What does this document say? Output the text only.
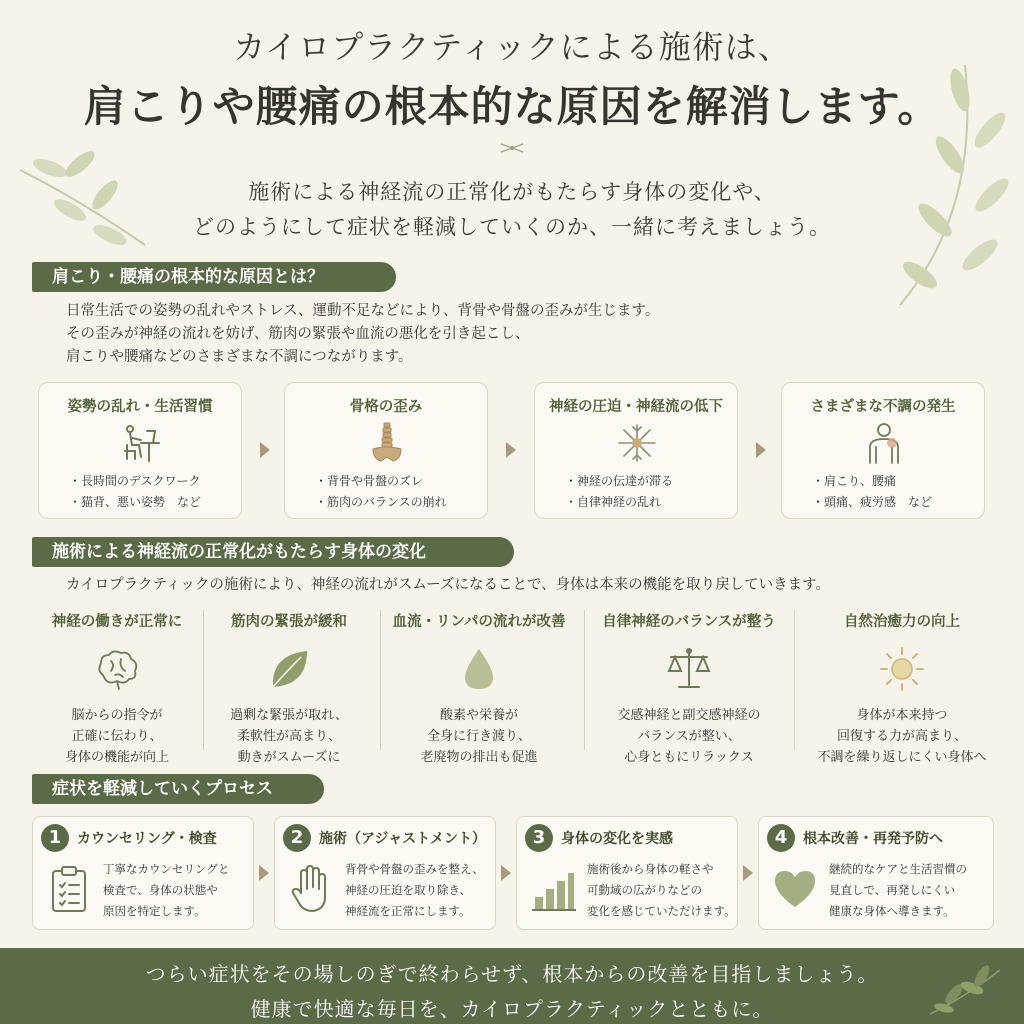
カイロプラクティックによる施術は、
肩こりや腰痛の根本的な原因を解消します。
施術による神経流の正常化がもたらす身体の変化や、
どのようにして症状を軽減していくのか、一緒に考えましょう。
肩こり・腰痛の根本的な原因とは？
日常生活での姿勢の乱れやストレス、運動不足などにより、背骨や骨盤の歪みが生じます。
その歪みが神経の流れを妨げ、筋肉の緊張や血流の悪化を引き起こし、
肩こりや腰痛などのさまざまな不調につながります。
姿勢の乱れ・生活習慣
・長時間のデスクワーク
・猫背、悪い姿勢　など
骨格の歪み
・背骨や骨盤のズレ
・筋肉のバランスの崩れ
神経の圧迫・神経流の低下
・神経の伝達が滞る
・自律神経の乱れ
さまざまな不調の発生
・肩こり、腰痛
・頭痛、疲労感　など
施術による神経流の正常化がもたらす身体の変化
カイロプラクティックの施術により、神経の流れがスムーズになることで、身体は本来の機能を取り戻していきます。
神経の働きが正常に
脳からの指令が
正確に伝わり、
身体の機能が向上
筋肉の緊張が緩和
過剰な緊張が取れ、
柔軟性が高まり、
動きがスムーズに
血流・リンパの流れが改善
酸素や栄養が
全身に行き渡り、
老廃物の排出も促進
自律神経のバランスが整う
交感神経と副交感神経の
バランスが整い、
心身ともにリラックス
自然治癒力の向上
身体が本来持つ
回復する力が高まり、
不調を繰り返しにくい身体へ
症状を軽減していくプロセス
1	カウンセリング・検査
丁寧なカウンセリングと
検査で、身体の状態や
原因を特定します。
2	施術（アジャストメント）
背骨や骨盤の歪みを整え、
神経の圧迫を取り除き、
神経流を正常にします。
3	身体の変化を実感
施術後から身体の軽さや
可動域の広がりなどの
変化を感じていただけます。
4	根本改善・再発予防へ
継続的なケアと生活習慣の
見直しで、再発しにくい
健康な身体へ導きます。
つらい症状をその場しのぎで終わらせず、根本からの改善を目指しましょう。
健康で快適な毎日を、カイロプラクティックとともに。
